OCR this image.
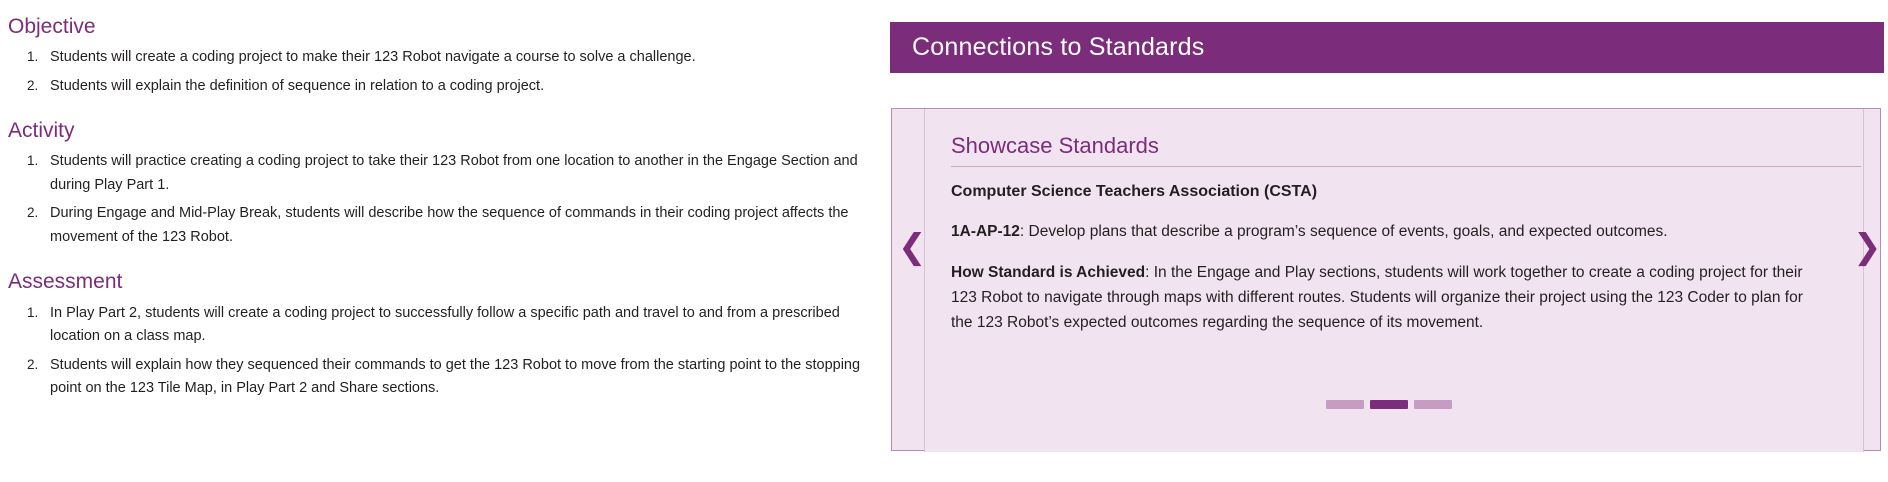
Objective
1. Students will create a coding project to make their 123 Robot navigate a course to solve a challenge.
2. Students will explain the definition of sequence in relation to a coding project.
Activity
1. Students will practice creating a coding project to take their 123 Robot from one location to another in the Engage Section and during Play Part 1.
2. During Engage and Mid-Play Break, students will describe how the sequence of commands in their coding project affects the movement of the 123 Robot.
Assessment
1. In Play Part 2, students will create a coding project to successfully follow a specific path and travel to and from a prescribed location on a class map.
2. Students will explain how they sequenced their commands to get the 123 Robot to move from the starting point to the stopping point on the 123 Tile Map, in Play Part 2 and Share sections.
Connections to Standards
Showcase Standards
Computer Science Teachers Association (CSTA)

1A-AP-12: Develop plans that describe a program’s sequence of events, goals, and expected outcomes.

How Standard is Achieved: In the Engage and Play sections, students will work together to create a coding project for their 123 Robot to navigate through maps with different routes. Students will organize their project using the 123 Coder to plan for the 123 Robot’s expected outcomes regarding the sequence of its movement.

❮	❯
